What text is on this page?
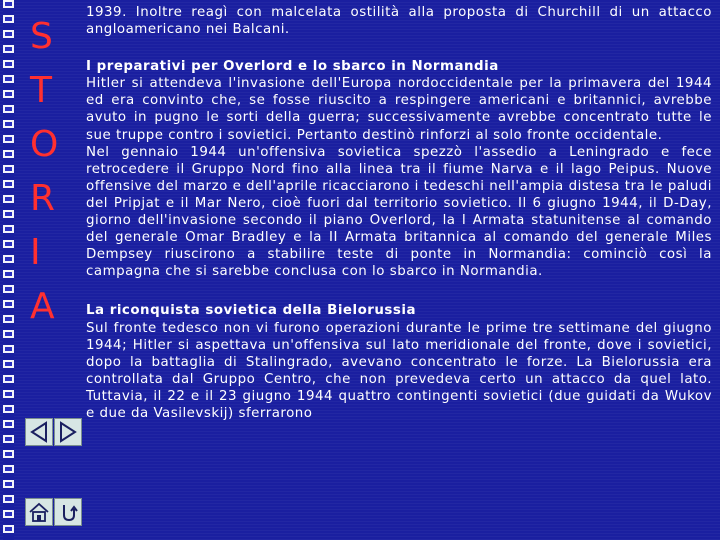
S
T
O
R
I
A

1939. Inoltre reagì con malcelata ostilità alla proposta di Churchill di un attacco angloamericano nei Balcani.

I preparativi per Overlord e lo sbarco in Normandia

Hitler si attendeva l'invasione dell'Europa nordoccidentale per la primavera del 1944 ed era convinto che, se fosse riuscito a respingere americani e britannici, avrebbe avuto in pugno le sorti della guerra; successivamente avrebbe concentrato tutte le sue truppe contro i sovietici. Pertanto destinò rinforzi al solo fronte occidentale.
Nel gennaio 1944 un'offensiva sovietica spezzò l'assedio a Leningrado e fece retrocedere il Gruppo Nord fino alla linea tra il fiume Narva e il lago Peipus. Nuove offensive del marzo e dell'aprile ricacciarono i tedeschi nell'ampia distesa tra le paludi del Pripjat e il Mar Nero, cioè fuori dal territorio sovietico. Il 6 giugno 1944, il D-Day, giorno dell'invasione secondo il piano Overlord, la I Armata statunitense al comando del generale Omar Bradley e la II Armata britannica al comando del generale Miles Dempsey riuscirono a stabilire teste di ponte in Normandia: cominciò così la campagna che si sarebbe conclusa con lo sbarco in Normandia.

La riconquista sovietica della Bielorussia

Sul fronte tedesco non vi furono operazioni durante le prime tre settimane del giugno 1944; Hitler si aspettava un'offensiva sul lato meridionale del fronte, dove i sovietici, dopo la battaglia di Stalingrado, avevano concentrato le forze. La Bielorussia era controllata dal Gruppo Centro, che non prevedeva certo un attacco da quel lato. Tuttavia, il 22 e il 23 giugno 1944 quattro contingenti sovietici (due guidati da Wukov e due da Vasilevskij) sferrarono
